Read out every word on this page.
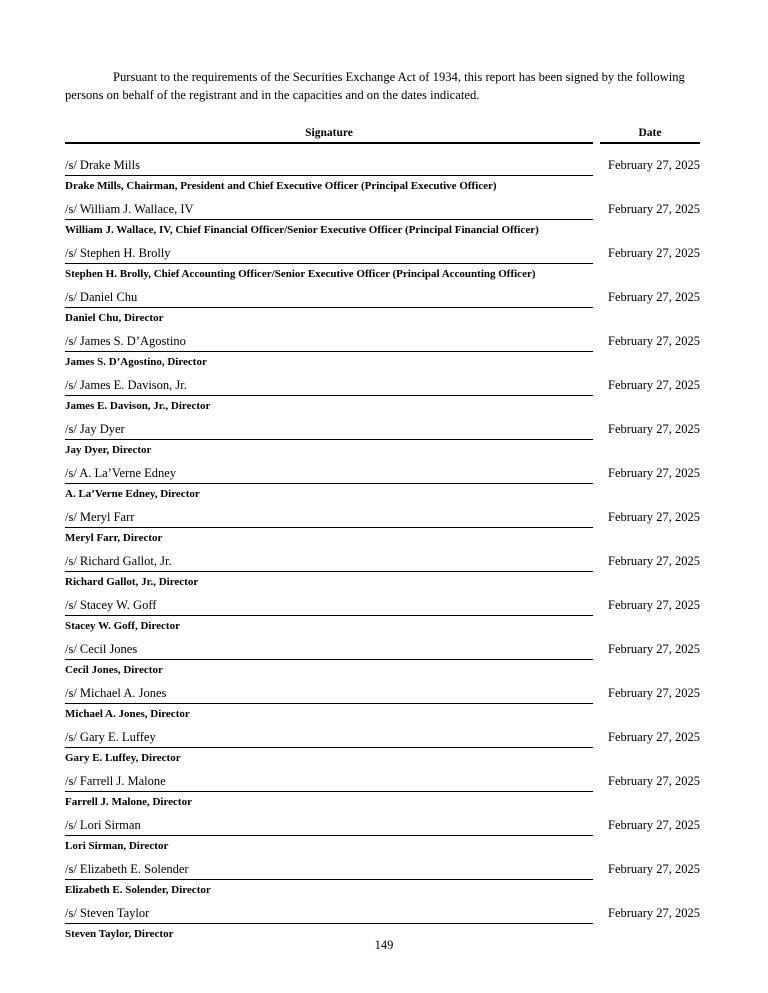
Pursuant to the requirements of the Securities Exchange Act of 1934, this report has been signed by the following persons on behalf of the registrant and in the capacities and on the dates indicated.

Signature	Date
/s/ Drake Mills
Drake Mills, Chairman, President and Chief Executive Officer (Principal Executive Officer)
February 27, 2025
/s/ William J. Wallace, IV
William J. Wallace, IV, Chief Financial Officer/Senior Executive Officer (Principal Financial Officer)
February 27, 2025
/s/ Stephen H. Brolly
Stephen H. Brolly, Chief Accounting Officer/Senior Executive Officer (Principal Accounting Officer)
February 27, 2025
/s/ Daniel Chu
Daniel Chu, Director
February 27, 2025
/s/ James S. D’Agostino
James S. D’Agostino, Director
February 27, 2025
/s/ James E. Davison, Jr.
James E. Davison, Jr., Director
February 27, 2025
/s/ Jay Dyer
Jay Dyer, Director
February 27, 2025
/s/ A. La’Verne Edney
A. La’Verne Edney, Director
February 27, 2025
/s/ Meryl Farr
Meryl Farr, Director
February 27, 2025
/s/ Richard Gallot, Jr.
Richard Gallot, Jr., Director
February 27, 2025
/s/ Stacey W. Goff
Stacey W. Goff, Director
February 27, 2025
/s/ Cecil Jones
Cecil Jones, Director
February 27, 2025
/s/ Michael A. Jones
Michael A. Jones, Director
February 27, 2025
/s/ Gary E. Luffey
Gary E. Luffey, Director
February 27, 2025
/s/ Farrell J. Malone
Farrell J. Malone, Director
February 27, 2025
/s/ Lori Sirman
Lori Sirman, Director
February 27, 2025
/s/ Elizabeth E. Solender
Elizabeth E. Solender, Director
February 27, 2025
/s/ Steven Taylor
Steven Taylor, Director
February 27, 2025
149
